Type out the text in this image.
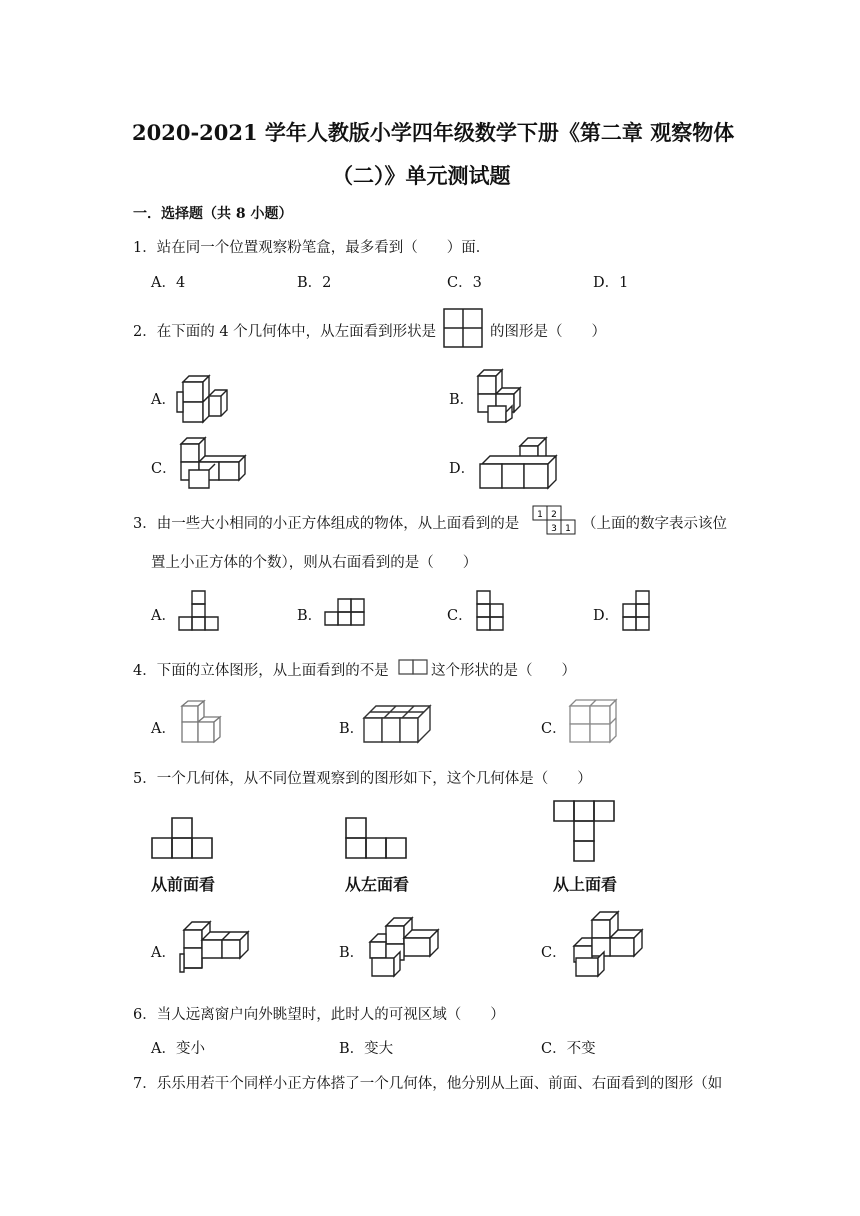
2020-2021 学年人教版小学四年级数学下册《第二章 观察物体
（二）》单元测试题
一．选择题（共 8 小题）
1．站在同一个位置观察粉笔盒，最多看到（　　）面．
A．4	B．2	C．3	D．1
2．在下面的 4 个几何体中，从左面看到形状是	的图形是（　　）
A．	B．
C．	D．
3．由一些大小相同的小正方体组成的物体，从上面看到的是
1 2
3 1 （上面的数字表示该位
置上小正方体的个数），则从右面看到的是（　　）
A．	B．	C．	D．
4．下面的立体图形，从上面看到的不是	这个形状的是（　　）
A．	B．	C．
5．一个几何体，从不同位置观察到的图形如下，这个几何体是（　　）
从前面看	从左面看	从上面看
A．	B．	C．
6．当人远离窗户向外眺望时，此时人的可视区域（　　）
A．变小	B．变大	C．不变
7．乐乐用若干个同样小正方体搭了一个几何体，他分别从上面、前面、右面看到的图形（如
